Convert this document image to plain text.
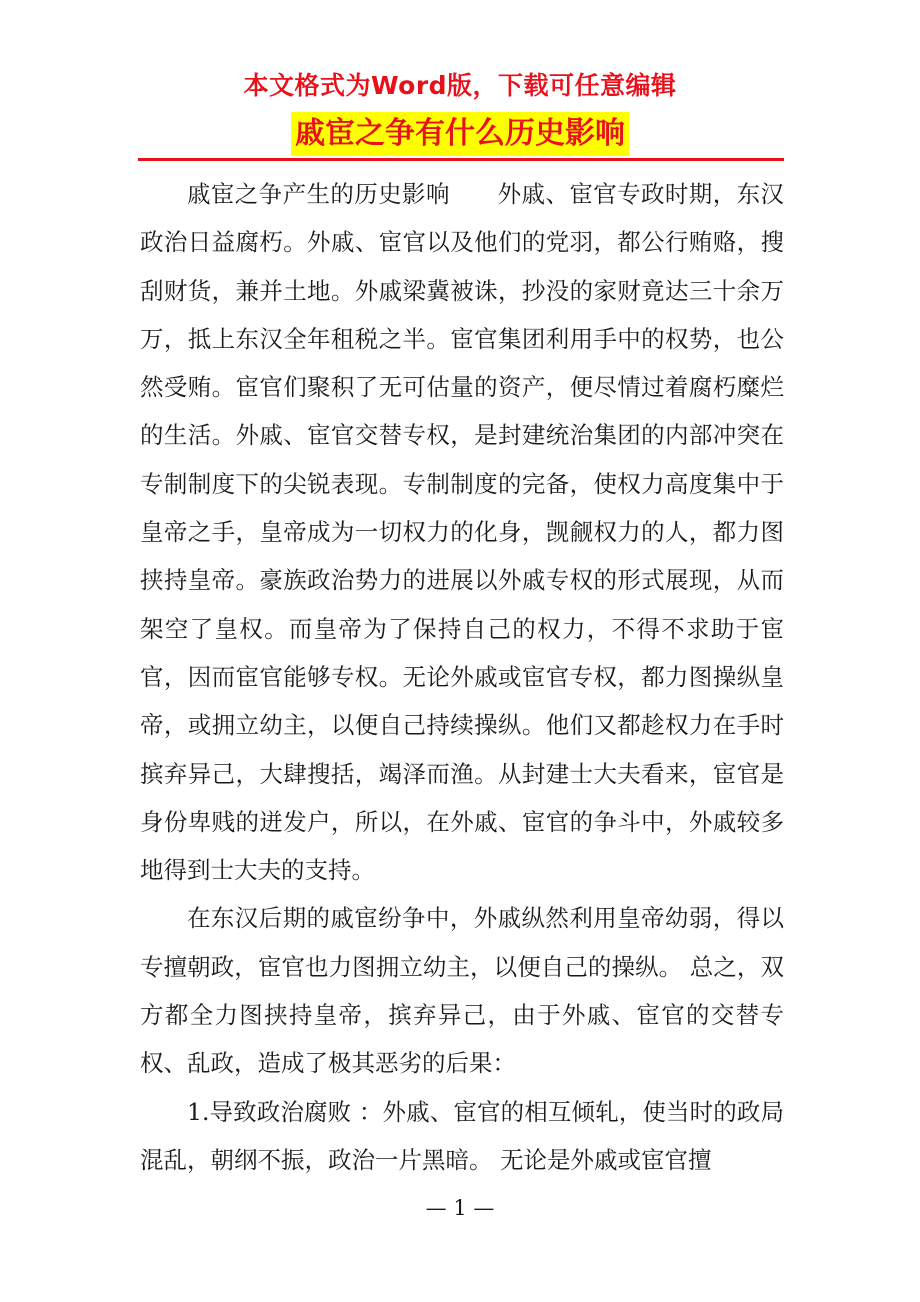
本文格式为Word版，下载可任意编辑
戚宦之争有什么历史影响

戚宦之争产生的历史影响　　外戚、宦官专政时期，东汉政治日益腐朽。外戚、宦官以及他们的党羽，都公行贿赂，搜刮财货，兼并土地。外戚梁冀被诛，抄没的家财竟达三十余万万，抵上东汉全年租税之半。宦官集团利用手中的权势，也公然受贿。宦官们聚积了无可估量的资产，便尽情过着腐朽糜烂的生活。外戚、宦官交替专权，是封建统治集团的内部冲突在专制制度下的尖锐表现。专制制度的完备，使权力高度集中于皇帝之手，皇帝成为一切权力的化身，觊觎权力的人，都力图挟持皇帝。豪族政治势力的进展以外戚专权的形式展现，从而架空了皇权。而皇帝为了保持自己的权力，不得不求助于宦官，因而宦官能够专权。无论外戚或宦官专权，都力图操纵皇帝，或拥立幼主，以便自己持续操纵。他们又都趁权力在手时摈弃异己，大肆搜括，竭泽而渔。从封建士大夫看来，宦官是身份卑贱的迸发户，所以，在外戚、宦官的争斗中，外戚较多地得到士大夫的支持。

在东汉后期的戚宦纷争中，外戚纵然利用皇帝幼弱，得以专擅朝政，宦官也力图拥立幼主，以便自己的操纵。 总之，双方都全力图挟持皇帝，摈弃异己，由于外戚、宦官的交替专权、乱政，造成了极其恶劣的后果：

1.导致政治腐败 ：外戚、宦官的相互倾轧，使当时的政局混乱，朝纲不振，政治一片黑暗。 无论是外戚或宦官擅

— 1 —
